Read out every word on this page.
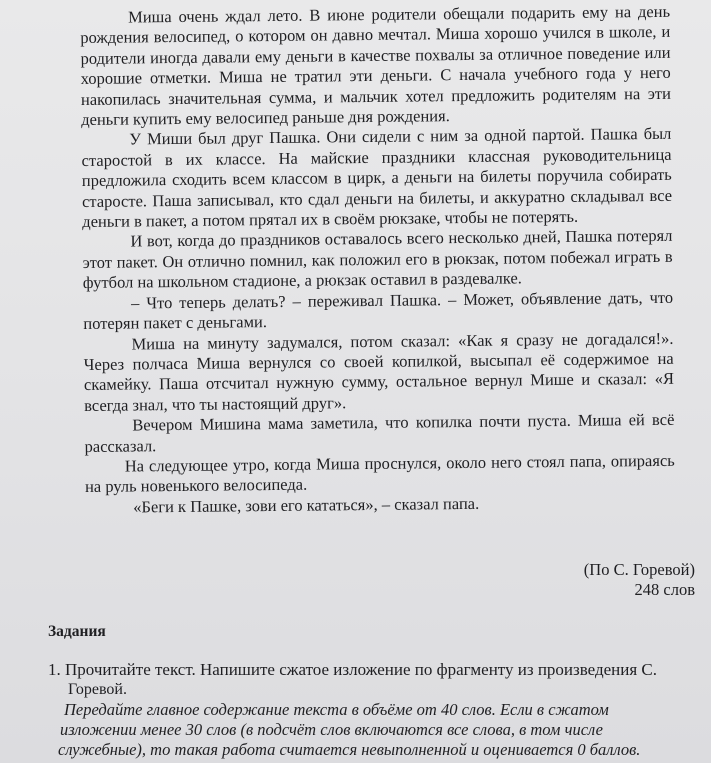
Миша очень ждал лето. В июне родители обещали подарить ему на день рождения велосипед, о котором он давно мечтал. Миша хорошо учился в школе, и родители иногда давали ему деньги в качестве похвалы за отличное поведение или хорошие отметки. Миша не тратил эти деньги. С начала учебного года у него накопилась значительная сумма, и мальчик хотел предложить родителям на эти деньги купить ему велосипед раньше дня рождения.

У Миши был друг Пашка. Они сидели с ним за одной партой. Пашка был старостой в их классе. На майские праздники классная руководительница предложила сходить всем классом в цирк, а деньги на билеты поручила собирать старосте. Паша записывал, кто сдал деньги на билеты, и аккуратно складывал все деньги в пакет, а потом прятал их в своём рюкзаке, чтобы не потерять.

И вот, когда до праздников оставалось всего несколько дней, Пашка потерял этот пакет. Он отлично помнил, как положил его в рюкзак, потом побежал играть в футбол на школьном стадионе, а рюкзак оставил в раздевалке.

– Что теперь делать? – переживал Пашка. – Может, объявление дать, что потерян пакет с деньгами.

Миша на минуту задумался, потом сказал: «Как я сразу не догадался!». Через полчаса Миша вернулся со своей копилкой, высыпал её содержимое на скамейку. Паша отсчитал нужную сумму, остальное вернул Мише и сказал: «Я всегда знал, что ты настоящий друг».

Вечером Мишина мама заметила, что копилка почти пуста. Миша ей всё рассказал.

На следующее утро, когда Миша проснулся, около него стоял папа, опираясь на руль новенького велосипеда.

«Беги к Пашке, зови его кататься», – сказал папа.

(По С. Горевой)
248 слов

Задания

1. Прочитайте текст. Напишите сжатое изложение по фрагменту из произведения С.

Горевой.

Передайте главное содержание текста в объёме от 40 слов. Если в сжатом

изложении менее 30 слов (в подсчёт слов включаются все слова, в том числе

служебные), то такая работа считается невыполненной и оценивается 0 баллов.
